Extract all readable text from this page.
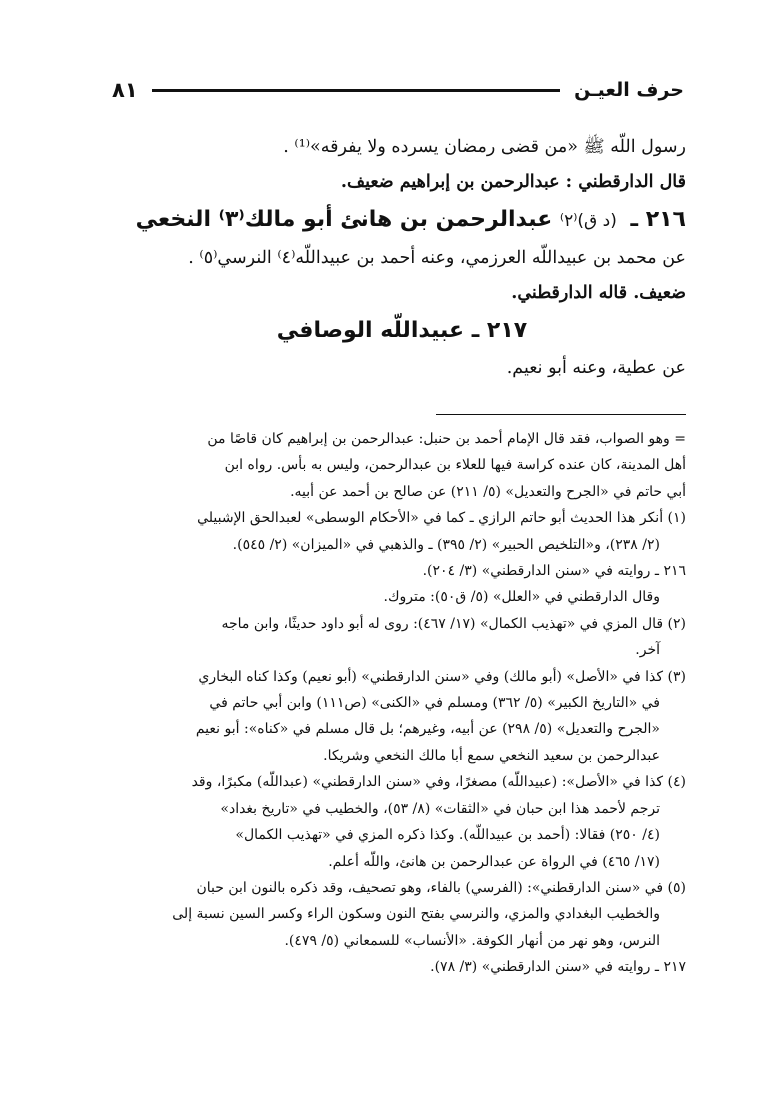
حرف العيـن
٨١

رسول اللّه ﷺ «من قضى رمضان يسرده ولا يفرقه»⁽¹⁾ .

قال الدارقطني : عبدالرحمن بن إبراهيم ضعيف.

٢١٦ ـ (د ق)⁽٢⁾ عبدالرحمن بن هانئ أبو مالك⁽٣⁾ النخعي

عن محمد بن عبيداللّه العرزمي، وعنه أحمد بن عبيداللّه⁽٤⁾ النرسي⁽٥⁾ .

ضعيف. قاله الدارقطني.

٢١٧ ـ عبيداللّه الوصافي

عن عطية، وعنه أبو نعيم.

= وهو الصواب، فقد قال الإمام أحمد بن حنبل: عبدالرحمن بن إبراهيم كان قاصًا من

أهل المدينة، كان عنده كراسة فيها للعلاء بن عبدالرحمن، وليس به بأس. رواه ابن

أبي حاتم في «الجرح والتعديل» (٥/ ٢١١) عن صالح بن أحمد عن أبيه.

(١) أنكر هذا الحديث أبو حاتم الرازي ـ كما في «الأحكام الوسطى» لعبدالحق الإشبيلي

(٢/ ٢٣٨)، و«التلخيص الحبير» (٢/ ٣٩٥) ـ والذهبي في «الميزان» (٢/ ٥٤٥).

٢١٦ ـ روايته في «سنن الدارقطني» (٣/ ٢٠٤).

وقال الدارقطني في «العلل» (٥/ ق٥٠): متروك.

(٢) قال المزي في «تهذيب الكمال» (١٧/ ٤٦٧): روى له أبو داود حديثًا، وابن ماجه

آخر.

(٣) كذا في «الأصل» (أبو مالك) وفي «سنن الدارقطني» (أبو نعيم) وكذا كناه البخاري

في «التاريخ الكبير» (٥/ ٣٦٢) ومسلم في «الكنى» (ص١١١) وابن أبي حاتم في

«الجرح والتعديل» (٥/ ٢٩٨) عن أبيه، وغيرهم؛ بل قال مسلم في «كناه»: أبو نعيم

عبدالرحمن بن سعيد النخعي سمع أبا مالك النخعي وشريكا.

(٤) كذا في «الأصل»: (عبيداللّه) مصغرًا، وفي «سنن الدارقطني» (عبداللّه) مكبرًا، وقد

ترجم لأحمد هذا ابن حبان في «الثقات» (٨/ ٥٣)، والخطيب في «تاريخ بغداد»

(٤/ ٢٥٠) فقالا: (أحمد بن عبيداللّه). وكذا ذكره المزي في «تهذيب الكمال»

(١٧/ ٤٦٥) في الرواة عن عبدالرحمن بن هانئ، واللّه أعلم.

(٥) في «سنن الدارقطني»: (الفرسي) بالفاء، وهو تصحيف، وقد ذكره بالنون ابن حبان

والخطيب البغدادي والمزي، والنرسي بفتح النون وسكون الراء وكسر السين نسبة إلى

النرس، وهو نهر من أنهار الكوفة. «الأنساب» للسمعاني (٥/ ٤٧٩).

٢١٧ ـ روايته في «سنن الدارقطني» (٣/ ٧٨).
